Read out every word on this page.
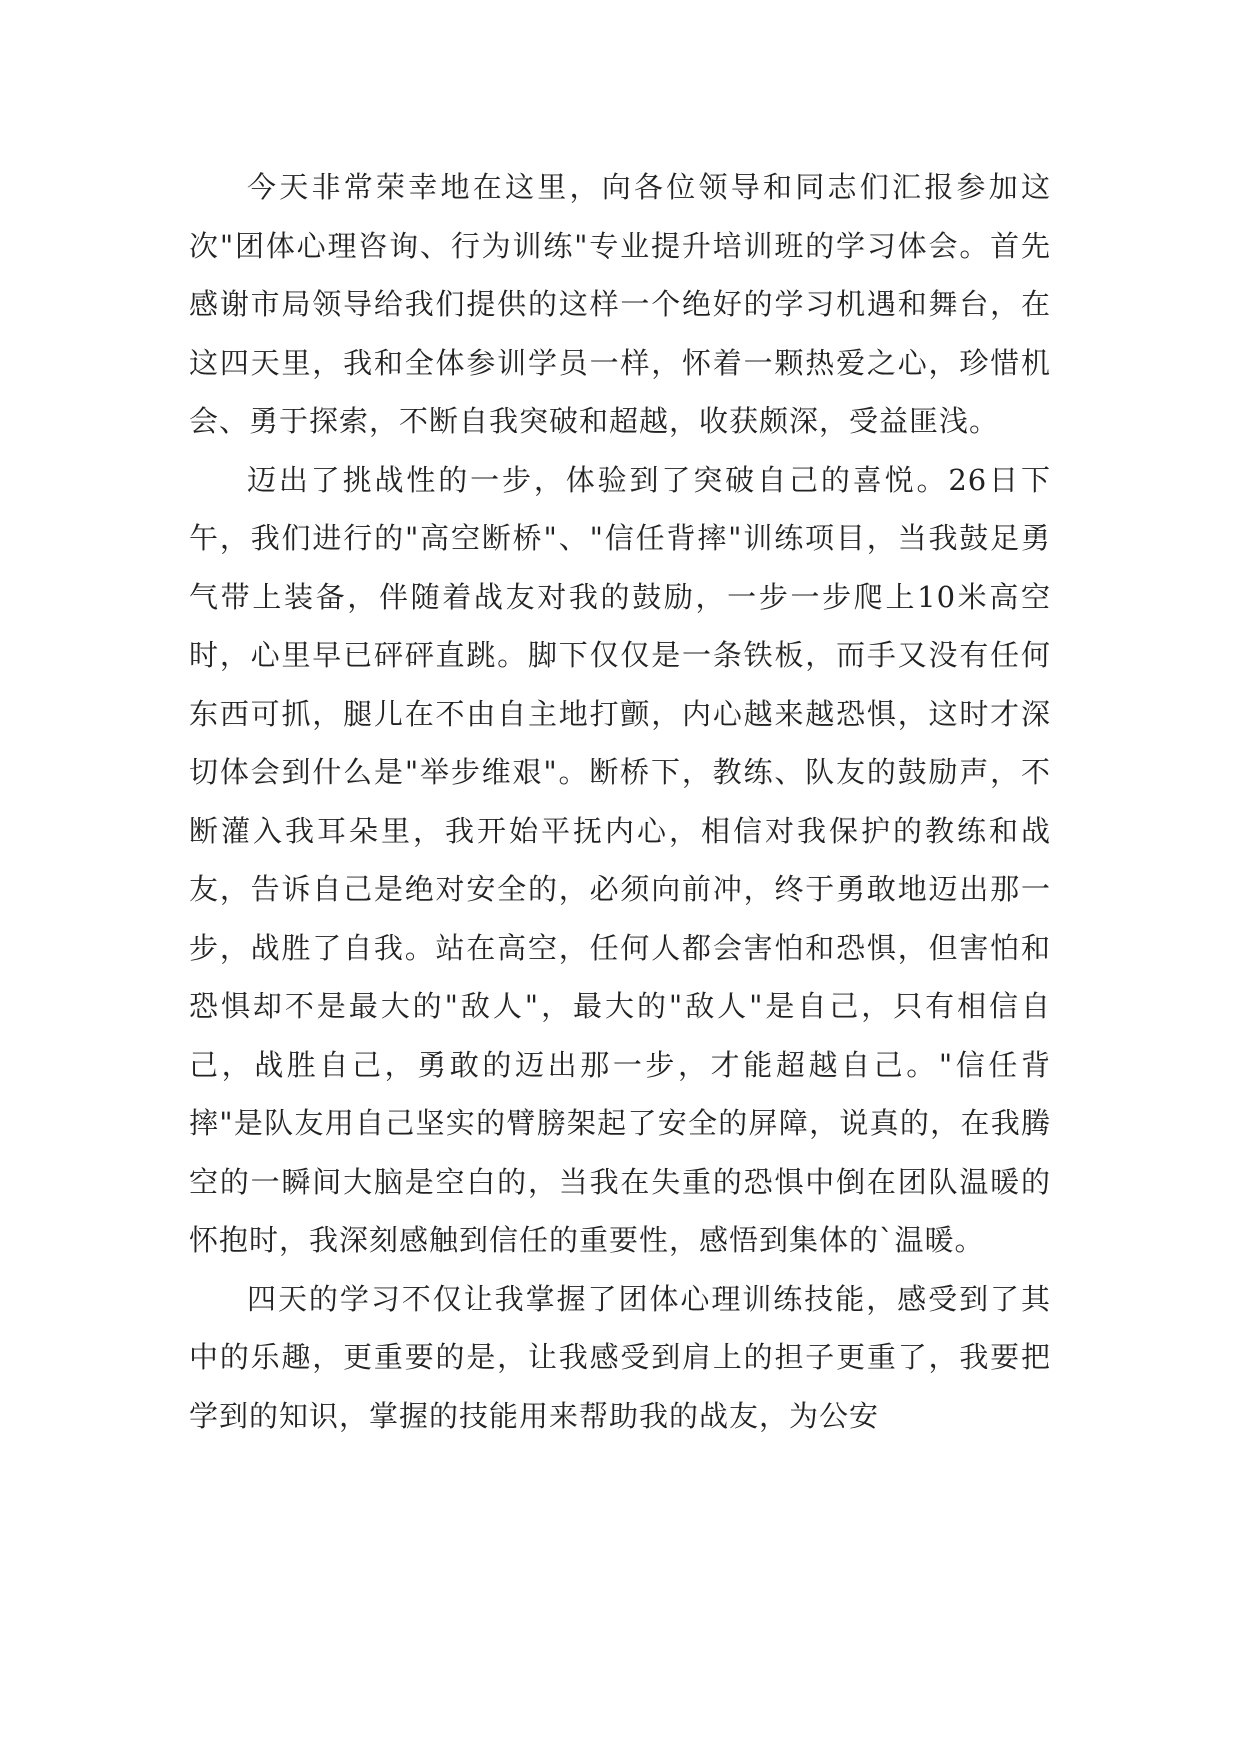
今天非常荣幸地在这里，向各位领导和同志们汇报参加这次"团体心理咨询、行为训练"专业提升培训班的学习体会。首先感谢市局领导给我们提供的这样一个绝好的学习机遇和舞台，在这四天里，我和全体参训学员一样，怀着一颗热爱之心，珍惜机会、勇于探索，不断自我突破和超越，收获颇深，受益匪浅。

迈出了挑战性的一步，体验到了突破自己的喜悦。26日下午，我们进行的"高空断桥"、"信任背摔"训练项目，当我鼓足勇气带上装备，伴随着战友对我的鼓励，一步一步爬上10米高空时，心里早已砰砰直跳。脚下仅仅是一条铁板，而手又没有任何东西可抓，腿儿在不由自主地打颤，内心越来越恐惧，这时才深切体会到什么是"举步维艰"。断桥下，教练、队友的鼓励声，不断灌入我耳朵里，我开始平抚内心，相信对我保护的教练和战友，告诉自己是绝对安全的，必须向前冲，终于勇敢地迈出那一步，战胜了自我。站在高空，任何人都会害怕和恐惧，但害怕和恐惧却不是最大的"敌人"，最大的"敌人"是自己，只有相信自己，战胜自己，勇敢的迈出那一步，才能超越自己。"信任背摔"是队友用自己坚实的臂膀架起了安全的屏障，说真的，在我腾空的一瞬间大脑是空白的，当我在失重的恐惧中倒在团队温暖的怀抱时，我深刻感触到信任的重要性，感悟到集体的`温暖。

四天的学习不仅让我掌握了团体心理训练技能，感受到了其中的乐趣，更重要的是，让我感受到肩上的担子更重了，我要把学到的知识，掌握的技能用来帮助我的战友，为公安
